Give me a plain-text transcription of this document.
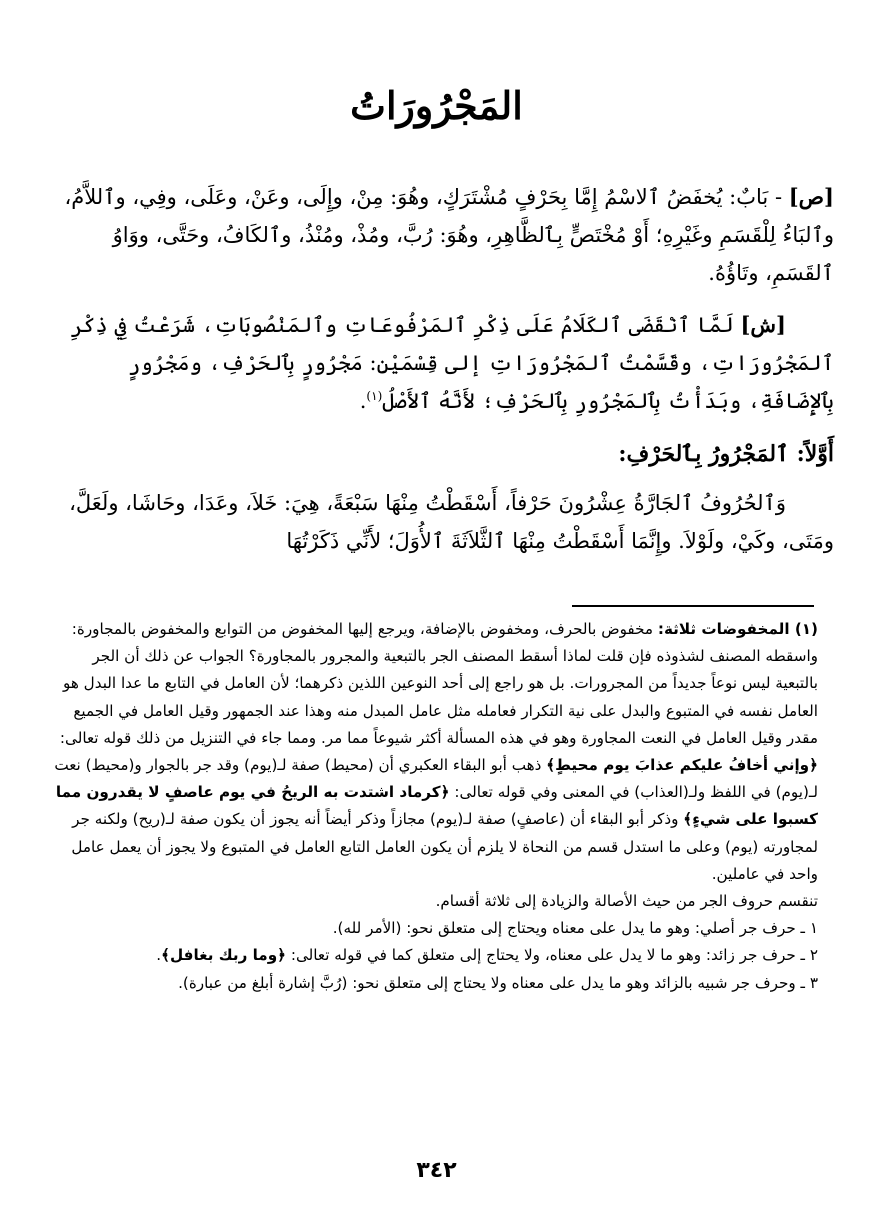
المَجْرُورَاتُ

[ص] - بَابٌ: يُخفَضُ ٱلاسْمُ إِمَّا بِحَرْفٍ مُشْتَرَكٍ، وهُوَ: مِنْ، وإِلَى، وعَنْ، وعَلَى، وفِي، وٱللاَّمُ، وٱلبَاءُ لِلْقَسَمِ وغَيْرِهِ؛ أَوْ مُخْتَصٍّ بِٱلظَّاهِرِ، وهُوَ: رُبَّ، ومُذْ، ومُنْذُ، وٱلكَافُ، وحَتَّى، ووَاوُ ٱلقَسَمِ، وتَاؤُهُ.

[ش] لَمَّا ٱنْقَضَى ٱلكَلَامُ عَلَى ذِكْرِ ٱلمَرْفُوعَاتِ وٱلمَنْصُوبَاتِ، شَرَعْتُ فِي ذِكْرِ ٱلمَجْرُورَاتِ، وقَسَّمْتُ ٱلمَجْرُورَاتِ إلى قِسْمَيْنِ: مَجْرُورٍ بِٱلحَرْفِ، ومَجْرُورٍ بِٱلإِضَافَةِ، وبَدَأْتُ بِٱلمَجْرُورِ بِٱلحَرْفِ؛ لأَنَّهُ ٱلأَصْلُ$^{(١)}$.

أَوَّلاً: ٱلمَجْرُورُ بِٱلحَرْفِ:

وَٱلحُرُوفُ ٱلجَارَّةُ عِشْرُونَ حَرْفاً، أَسْقَطْتُ مِنْهَا سَبْعَةً، هِيَ: خَلاَ، وعَدَا، وحَاشَا، ولَعَلَّ، ومَتَى، وكَيْ، ولَوْلاَ. وإِنَّمَا أَسْقَطْتُ مِنْهَا ٱلثَّلاَثَةَ ٱلأُوَلَ؛ لأَنِّي ذَكَرْتُهَا

(١) المخفوضات ثلاثة: مخفوض بالحرف، ومخفوض بالإضافة، ويرجع إليها المخفوض من التوابع والمخفوض بالمجاورة: واسقطه المصنف لشذوذه فإن قلت لماذا أسقط المصنف الجر بالتبعية والمجرور بالمجاورة؟ الجواب عن ذلك أن الجر بالتبعية ليس نوعاً جديداً من المجرورات. بل هو راجع إلى أحد النوعين اللذين ذكرهما؛ لأن العامل في التابع ما عدا البدل هو العامل نفسه في المتبوع والبدل على نية التكرار فعامله مثل عامل المبدل منه وهذا عند الجمهور وقيل العامل في الجميع مقدر وقيل العامل في النعت المجاورة وهو في هذه المسألة أكثر شيوعاً مما مر. ومما جاء في التنزيل من ذلك قوله تعالى: ﴿وإني أخافُ عليكم عذابَ يوم محيطٍ﴾ ذهب أبو البقاء العكبري أن (محيط) صفة لـ(يوم) وقد جر بالجوار و(محيط) نعت لـ(يوم) في اللفظ ولـ(العذاب) في المعنى وفي قوله تعالى: ﴿كرماد اشتدت به الريحُ في يوم عاصفٍ لا يقدرون مما كسبوا على شيءٍ﴾ وذكر أبو البقاء أن (عاصفٍ) صفة لـ(يوم) مجازاً وذكر أيضاً أنه يجوز أن يكون صفة لـ(ريح) ولكنه جر لمجاورته (يوم) وعلى ما استدل قسم من النحاة لا يلزم أن يكون العامل التابع العامل في المتبوع ولا يجوز أن يعمل عامل واحد في عاملين.

تنقسم حروف الجر من حيث الأصالة والزيادة إلى ثلاثة أقسام.

١ ـ حرف جر أصلي: وهو ما يدل على معناه ويحتاج إلى متعلق نحو: (الأمر لله).

٢ ـ حرف جر زائد: وهو ما لا يدل على معناه، ولا يحتاج إلى متعلق كما في قوله تعالى: ﴿وما ربك بغافل﴾.

٣ ـ وحرف جر شبيه بالزائد وهو ما يدل على معناه ولا يحتاج إلى متعلق نحو: (رُبَّ إشارة أبلغ من عبارة).

٣٤٢
